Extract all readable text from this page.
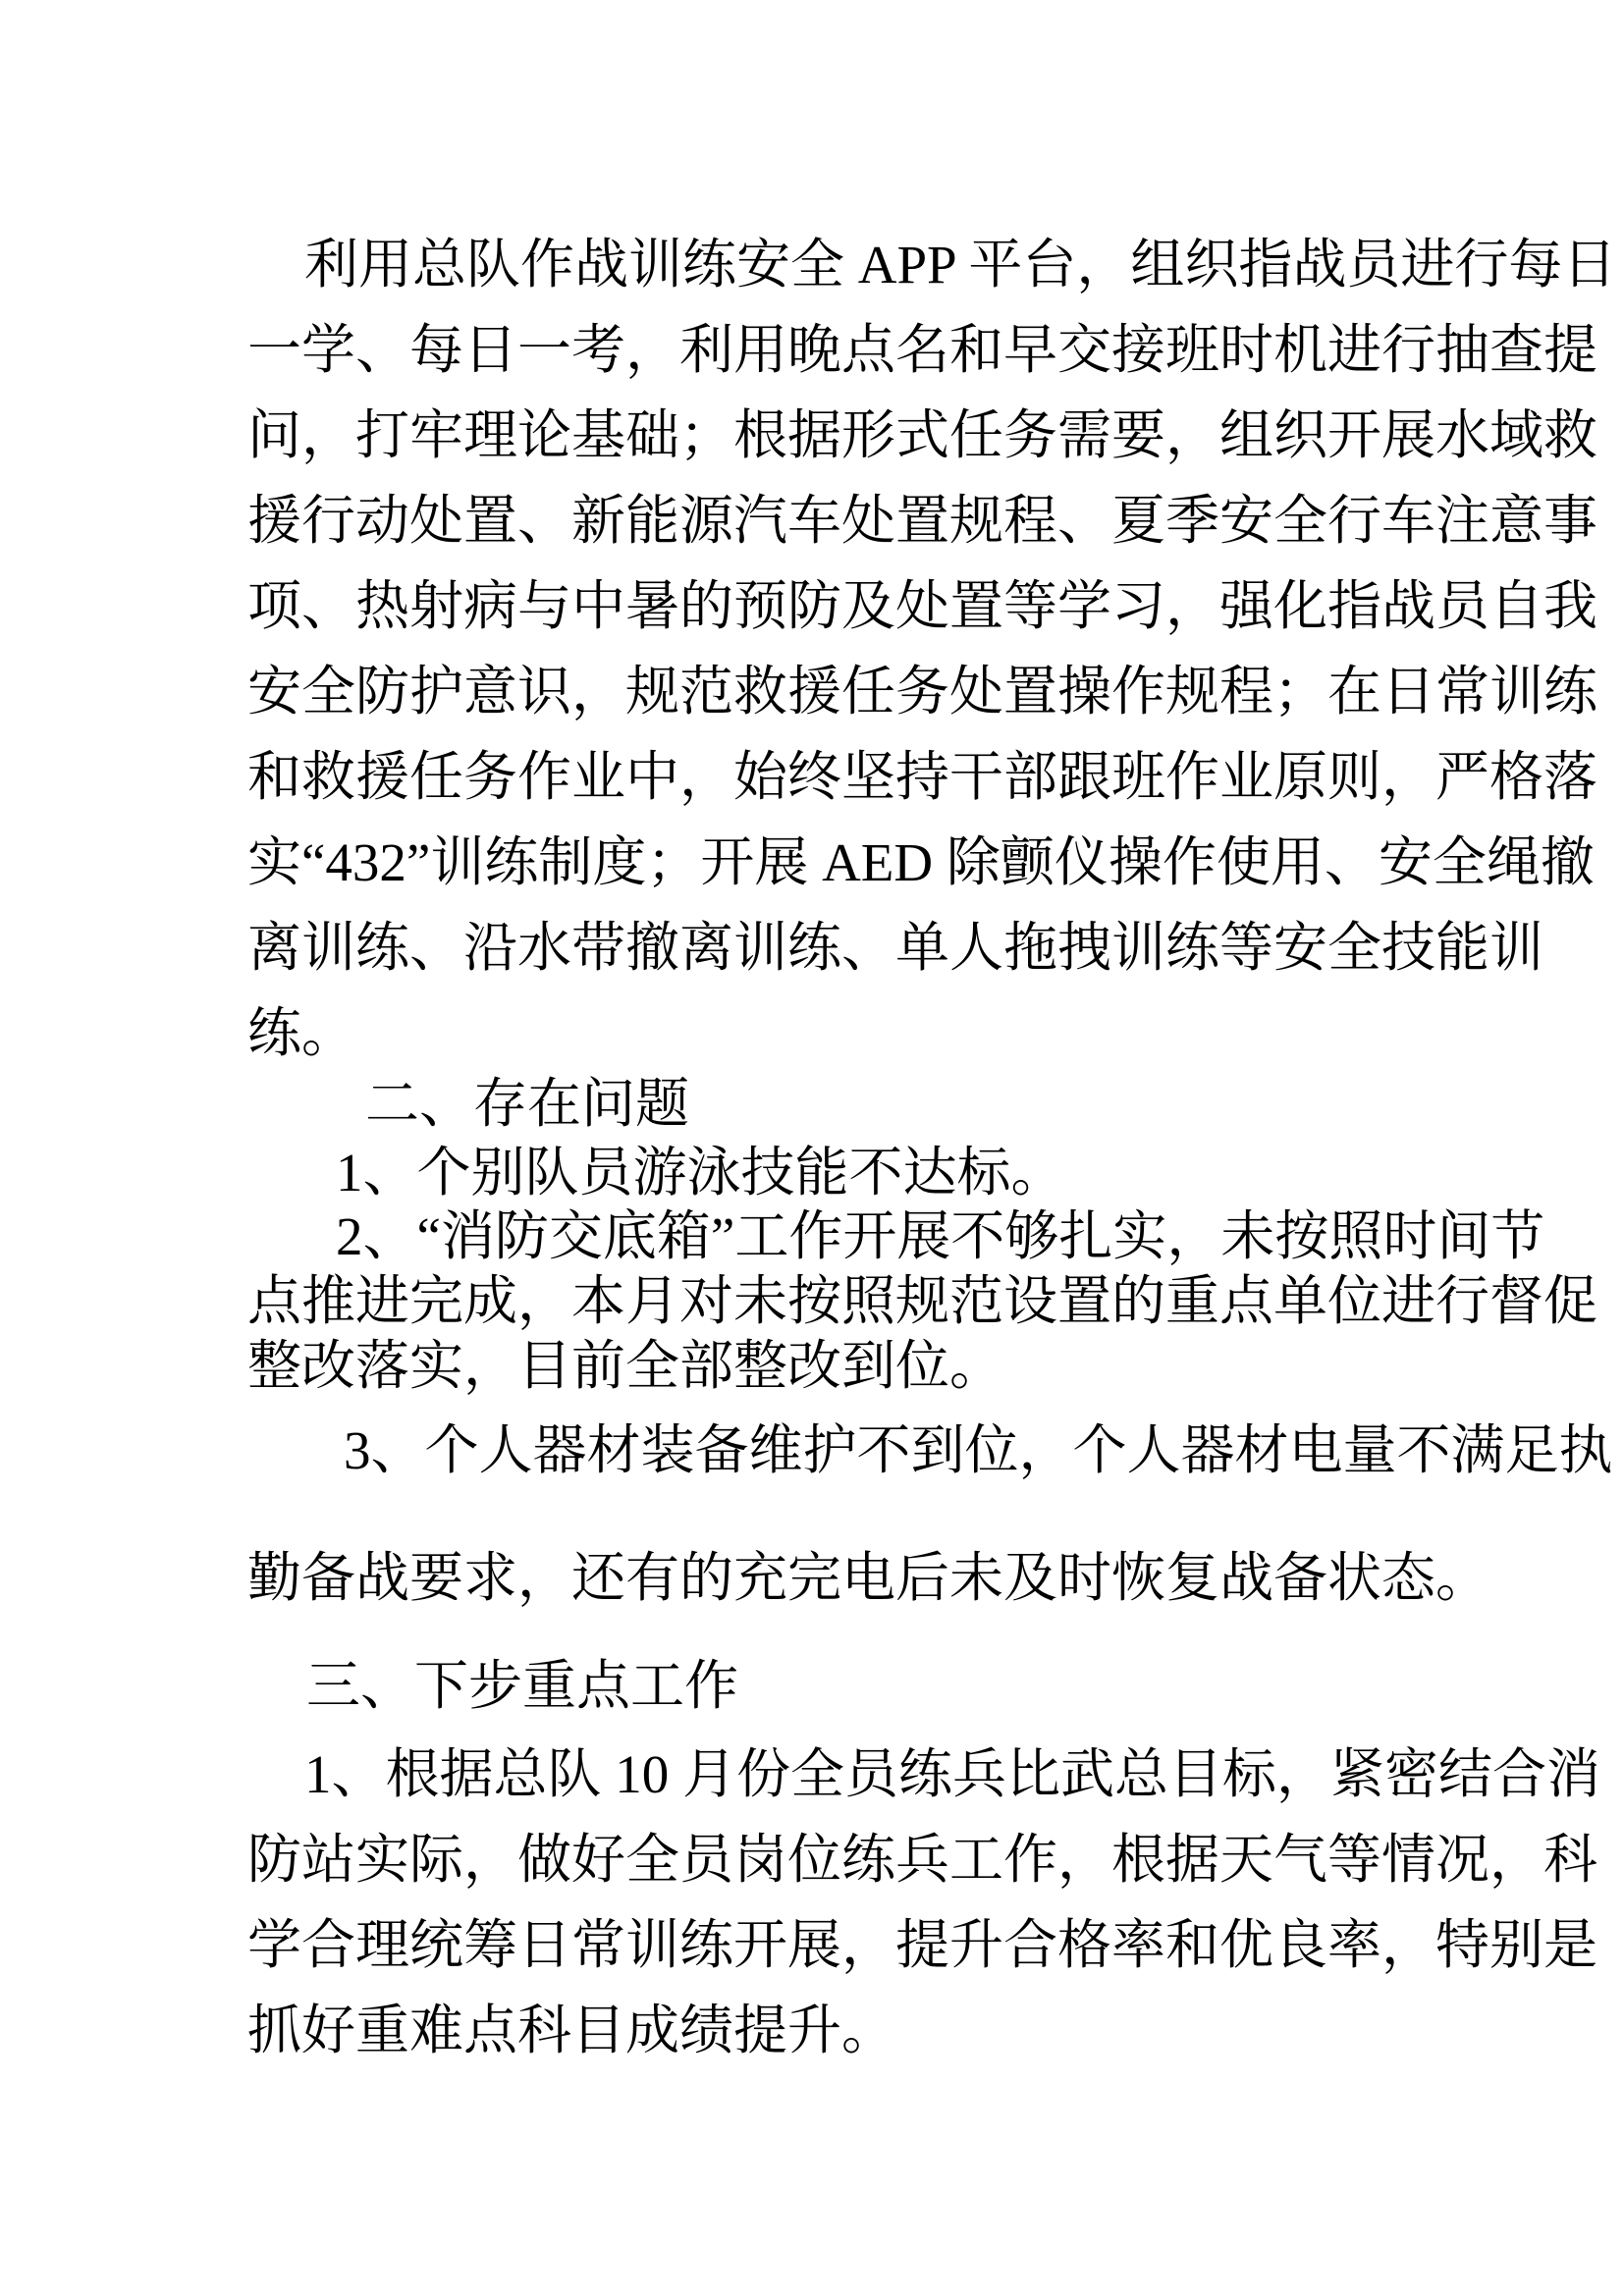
利用总队作战训练安全 APP 平台，组织指战员进行每日
一学、每日一考，利用晚点名和早交接班时机进行抽查提
问，打牢理论基础；根据形式任务需要，组织开展水域救
援行动处置、新能源汽车处置规程、夏季安全行车注意事
项、热射病与中暑的预防及处置等学习，强化指战员自我
安全防护意识，规范救援任务处置操作规程；在日常训练
和救援任务作业中，始终坚持干部跟班作业原则，严格落
实“432”训练制度；开展 AED 除颤仪操作使用、安全绳撤
离训练、沿水带撤离训练、单人拖拽训练等安全技能训
练。
二、存在问题
1、个别队员游泳技能不达标。
2、“消防交底箱”工作开展不够扎实，未按照时间节
点推进完成，本月对未按照规范设置的重点单位进行督促
整改落实，目前全部整改到位。
3、个人器材装备维护不到位，个人器材电量不满足执
勤备战要求，还有的充完电后未及时恢复战备状态。
三、下步重点工作
1、根据总队 10 月份全员练兵比武总目标，紧密结合消
防站实际，做好全员岗位练兵工作，根据天气等情况，科
学合理统筹日常训练开展，提升合格率和优良率，特别是
抓好重难点科目成绩提升。
